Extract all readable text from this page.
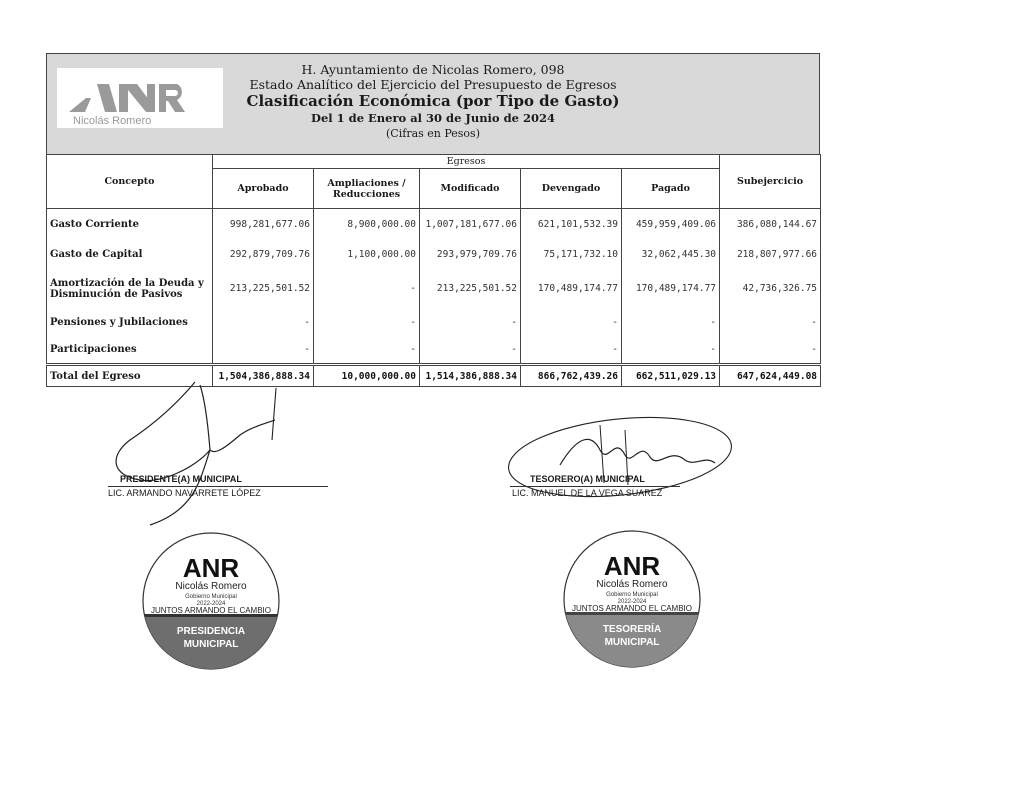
Nicolás Romero
H. Ayuntamiento de Nicolas Romero, 098
Estado Analítico del Ejercicio del Presupuesto de Egresos
Clasificación Económica (por Tipo de Gasto)
Del 1 de Enero al 30 de Junio de 2024
(Cifras en Pesos)
Concepto	Egresos					Subejercicio
	Aprobado	Ampliaciones / Reducciones	Modificado	Devengado	Pagado	
Gasto Corriente	998,281,677.06	8,900,000.00	1,007,181,677.06	621,101,532.39	459,959,409.06	386,080,144.67
Gasto de Capital	292,879,709.76	1,100,000.00	293,979,709.76	75,171,732.10	32,062,445.30	218,807,977.66
Amortización de la Deuda y Disminución de Pasivos	213,225,501.52	-	213,225,501.52	170,489,174.77	170,489,174.77	42,736,326.75
Pensiones y Jubilaciones	-	-	-	-	-	-
Participaciones	-	-	-	-	-	-
Total del Egreso	1,504,386,888.34	10,000,000.00	1,514,386,888.34	866,762,439.26	662,511,029.13	647,624,449.08
PRESIDENTE(A) MUNICIPAL
LIC. ARMANDO NAVARRETE LÓPEZ
TESORERO(A) MUNICIPAL
LIC. MANUEL DE LA VEGA SUAREZ
ANR
Nicolás Romero
Gobierno Municipal
2022-2024
JUNTOS ARMANDO EL CAMBIO
PRESIDENCIA
MUNICIPAL
ANR
Nicolás Romero
Gobierno Municipal
2022-2024
JUNTOS ARMANDO EL CAMBIO
TESORERÍA
MUNICIPAL
